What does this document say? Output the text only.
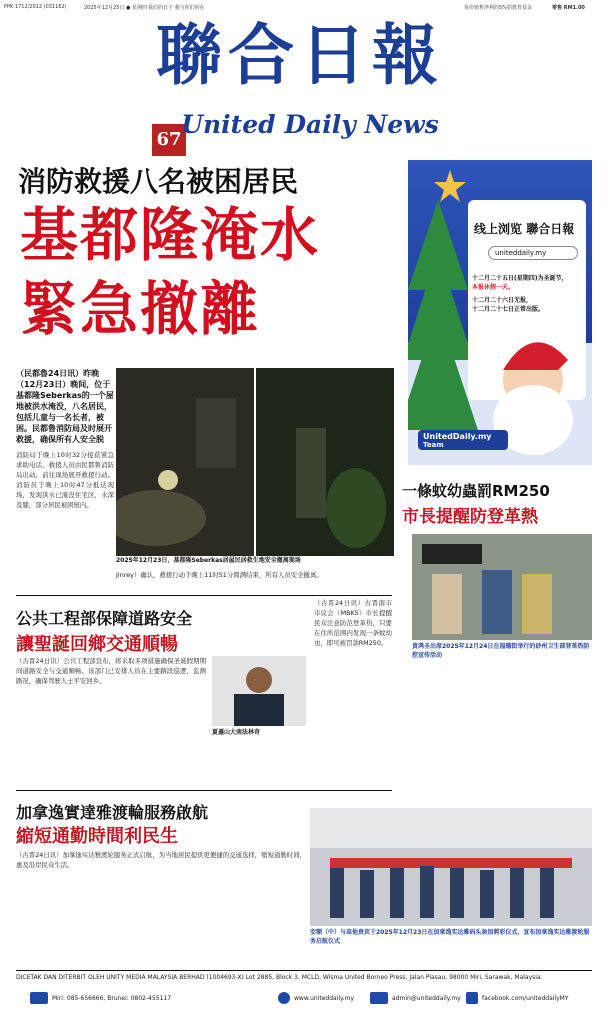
PPK 1712/2012 (031162)	2025年12月25日 ● 星期四 我们的日子 我与你们同在	每份销售净利的5%捐教育基金	零售 RM1.00
聯合日報
67
United Daily News
消防救援八名被困居民
基都隆淹水
緊急撤離
（民都魯24日讯）昨晚（12月23日）晚间，位于基都隆Seberkas的一个屋地被洪水淹没，八名居民，包括儿童与一名长者，被困。民都鲁消防局及时展开救援，确保所有人安全脱
消防局于晚上10时32分接获紧急求助电话，救援人员由民都鲁消防局出动，前往现场展开救援行动。消防员于晚上10时47分抵达现场，发现洪水已淹没住宅区，水深及膝，部分居民被困屋内。
2025年12月23日，基都隆Seberkas居屋民居救生地安全撤离现场
Jinrey）确认，救援行动于晚上11时51分圆满结束，所有人员安全撤离。
线上浏览 聯合日報
uniteddaily.my
十二月二十五日(星期四)为圣诞节，
本报休假一天。
十二月二十六日无报，
十二月二十七日正常出版。
UnitedDaily.my
Team
一條蚊幼蟲罰RM250
市長提醒防登革熱
黄鸿圣出席2025年12月24日在福德街举行的砂州卫生部登革热防控宣传活动
（古晋24日讯）古晋南市市议会（MBKS）市长提醒民众注意防范登革热，只要在住所范围内发现一条蚊幼虫，即可被罚款RM250。
公共工程部保障道路安全
讓聖誕回鄉交通順暢
（古晋24日讯）公共工程部宣布，将采取多项措施确保圣诞假期期间道路安全与交通顺畅。该部门已安排人员在主要路段巡逻，监测路况，确保驾驶人士平安回乡。
夏遜山大南法林奇
加拿逸實達雅渡輪服務啟航
縮短通勤時間利民生
（古晋24日讯）加拿逸实达雅渡轮服务正式启航，为当地居民提供更便捷的交通选择，缩短通勤时间，惠及沿岸民众生活。
安顺（中）与高他贵宾于2025年12月23日在加拿逸实达雅码头参加剪彩仪式，宣布加拿逸实达雅渡轮服务启航仪式
DICETAK DAN DITERBIT OLEH UNITY MEDIA MALAYSIA BERHAD (1004693-X) Lot 2885, Block 3, MCLD, Wisma United Borneo Press, Jalan Piasau, 98000 Miri, Sarawak, Malaysia.
Miri: 085-656666, Brunei: 0802-455117	www.uniteddaily.my	admin@uniteddaily.my	facebook.com/uniteddailyMY
